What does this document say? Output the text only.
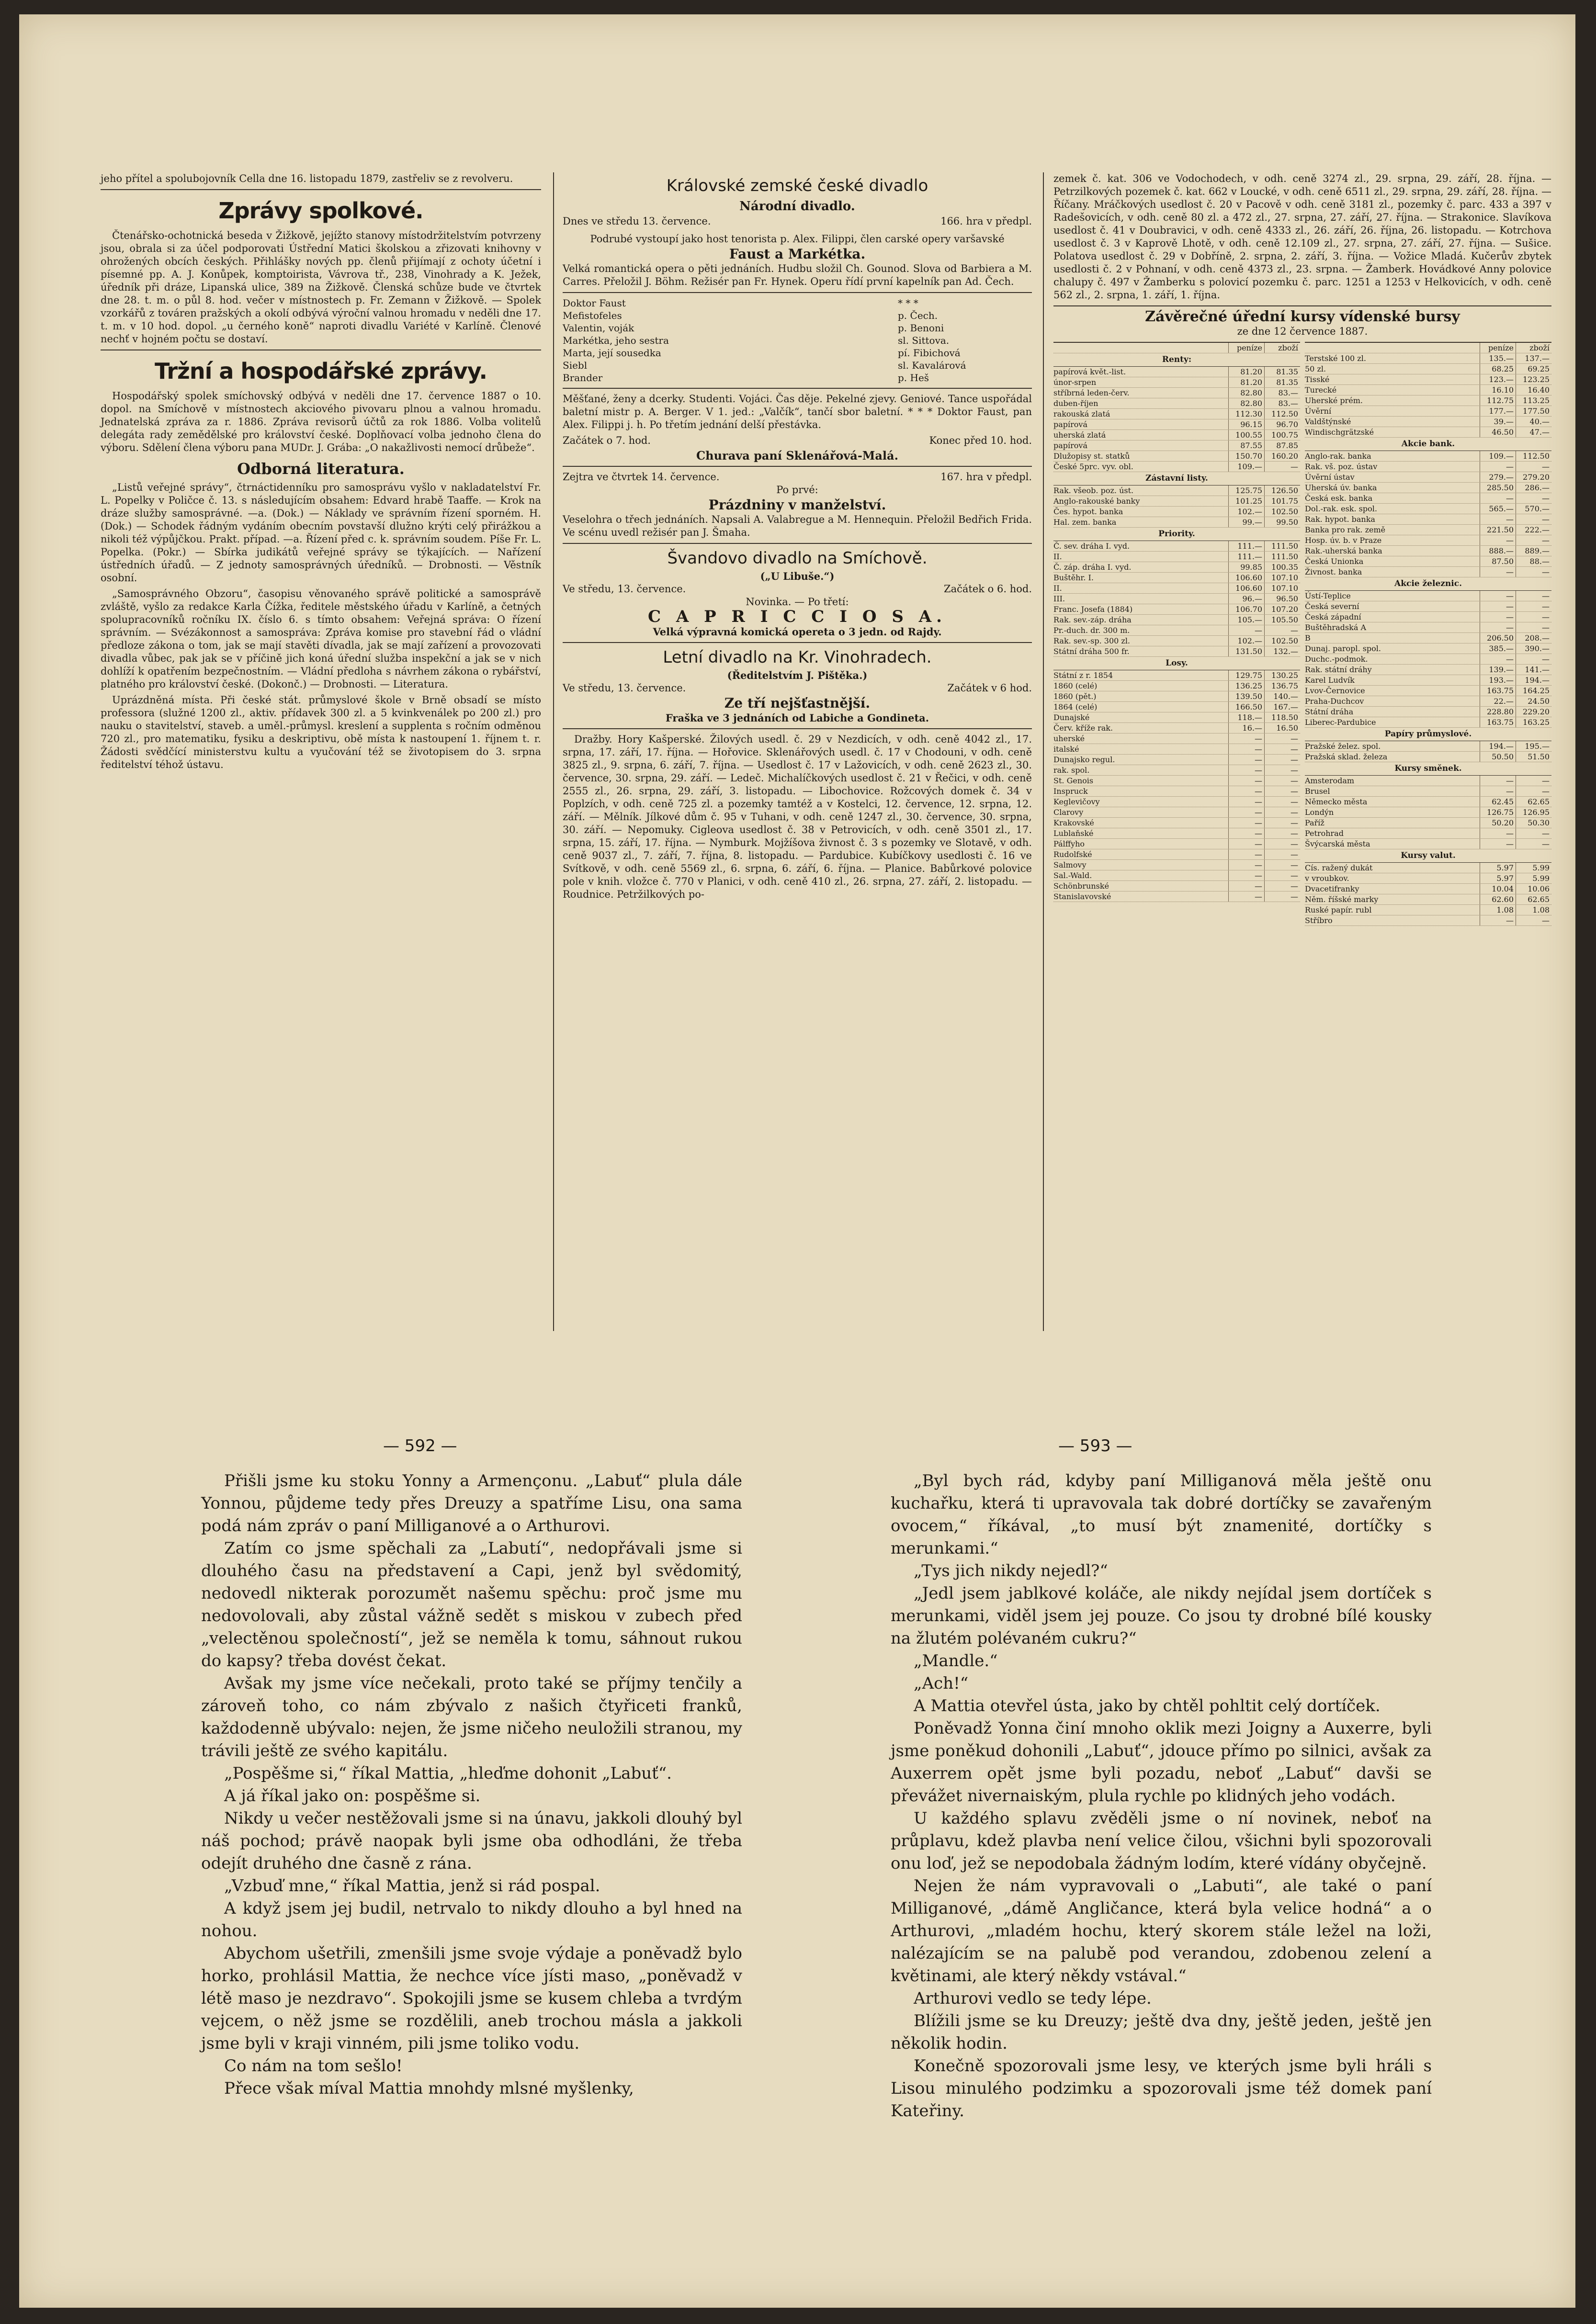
jeho přítel a spolubojovník Cella dne 16. listopadu 1879, zastřeliv se z revolveru.

Zprávy spolkové.

Čtenářsko-ochotnická beseda v Žižkově, jejížto stanovy místodržitelstvím potvrzeny jsou, obrala si za účel podporovati Ústřední Matici školskou a zřizovati knihovny v ohrožených obcích českých. Přihlášky nových pp. členů přijímají z ochoty účetní i písemné pp. A. J. Konůpek, komptoirista, Vávrova tř., 238, Vinohrady a K. Ježek, úředník při dráze, Lipanská ulice, 389 na Žižkově. Členská schůze bude ve čtvrtek dne 28. t. m. o půl 8. hod. večer v místnostech p. Fr. Zemann v Žižkově. — Spolek vzorkářů z továren pražských a okolí odbývá výroční valnou hromadu v neděli dne 17. t. m. v 10 hod. dopol. „u černého koně“ naproti divadlu Variété v Karlíně. Členové nechť v hojném počtu se dostaví.

Tržní a hospodářské zprávy.

Hospodářský spolek smíchovský odbývá v neděli dne 17. července 1887 o 10. dopol. na Smíchově v místnostech akciového pivovaru plnou a valnou hromadu. Jednatelská zpráva za r. 1886. Zpráva revisorů účtů za rok 1886. Volba volitelů delegáta rady zemědělské pro království české. Doplňovací volba jednoho člena do výboru. Sdělení člena výboru pana MUDr. J. Grába: „O nakažlivosti nemocí drůbeže“.

Odborná literatura.

„Listů veřejné správy“, čtrnáctidenníku pro samosprávu vyšlo v nakladatelství Fr. L. Popelky v Poličce č. 13. s následujícím obsahem: Edvard hrabě Taaffe. — Krok na dráze služby samosprávné. —a. (Dok.) — Náklady ve správním řízení sporném. H. (Dok.) — Schodek řádným vydáním obecním povstavší dlužno krýti celý přirážkou a nikoli též výpůjčkou. Prakt. případ. —a. Řízení před c. k. správním soudem. Píše Fr. L. Popelka. (Pokr.) — Sbírka judikátů veřejné správy se týkajících. — Nařízení ústředních úřadů. — Z jednoty samosprávných úředníků. — Drobnosti. — Věstník osobní.

„Samosprávného Obzoru“, časopisu věnovaného správě politické a samosprávě zvláště, vyšlo za redakce Karla Čížka, ředitele městského úřadu v Karlíně, a četných spolupracovníků ročníku IX. číslo 6. s tímto obsahem: Veřejná správa: O řízení správním. — Svézákonnost a samospráva: Zpráva komise pro stavební řád o vládní předloze zákona o tom, jak se mají stavěti dívadla, jak se mají zařízení a provozovati divadla vůbec, pak jak se v příčině jich koná úřední služba inspekční a jak se v nich dohlíží k opatřením bezpečnostním. — Vládní předloha s návrhem zákona o rybářství, platného pro království české. (Dokonč.) — Drobnosti. — Literatura.

Uprázdněná místa. Při české stát. průmyslové škole v Brně obsadí se místo professora (služné 1200 zl., aktiv. přídavek 300 zl. a 5 kvinkvenálek po 200 zl.) pro nauku o stavitelství, staveb. a uměl.-průmysl. kreslení a supplenta s ročním odměnou 720 zl., pro matematiku, fysiku a deskriptivu, obě místa k nastoupení 1. říjnem t. r. Žádosti svědčící ministerstvu kultu a vyučování též se životopisem do 3. srpna ředitelství téhož ústavu.

Královské zemské české divadlo
Národní divadlo.
Dnes ve středu 13. července.	166. hra v předpl.
Podrubé vystoupí jako host tenorista p. Alex. Filippi, člen carské opery varšavské
Faust a Markétka.

Velká romantická opera o pěti jednáních. Hudbu složil Ch. Gounod. Slova od Barbiera a M. Carres. Přeložil J. Böhm. Režisér pan Fr. Hynek. Operu řídí první kapelník pan Ad. Čech.

Doktor Faust	* * *
Mefistofeles	p. Čech.
Valentin, voják	p. Benoni
Markétka, jeho sestra	sl. Sittova.
Marta, její sousedka	pí. Fibichová
Siebl	sl. Kavalárová
Brander	p. Heš

Měšťané, ženy a dcerky. Studenti. Vojáci. Čas děje. Pekelné zjevy. Geniové. Tance uspořádal baletní mistr p. A. Berger. V 1. jed.: „Valčík“, tančí sbor baletní. * * * Doktor Faust, pan Alex. Filippi j. h. Po třetím jednání delší přestávka.

Začátek o 7. hod.	Konec před 10. hod.
Churava paní Sklenářová-Malá.
Zejtra ve čtvrtek 14. července.	167. hra v předpl.
Po prvé:
Prázdniny v manželství.

Veselohra o třech jednáních. Napsali A. Valabregue a M. Hennequin. Přeložil Bedřich Frida. Ve scénu uvedl režisér pan J. Šmaha.

Švandovo divadlo na Smíchově.
(„U Libuše.“)
Ve středu, 13. července.	Začátek o 6. hod.
Novinka. — Po třetí:
C A P R I C C I O S A.
Velká výpravná komická opereta o 3 jedn. od Rajdy.
Letní divadlo na Kr. Vinohradech.
(Ředitelstvím J. Pištěka.)
Ve středu, 13. července.	Začátek v 6 hod.
Ze tří nejšťastnější.
Fraška ve 3 jednáních od Labiche a Gondineta.

Dražby. Hory Kašperské. Žilových usedl. č. 29 v Nezdicích, v odh. ceně 4042 zl., 17. srpna, 17. září, 17. října. — Hořovice. Sklenářových usedl. č. 17 v Chodouni, v odh. ceně 3825 zl., 9. srpna, 6. září, 7. října. — Usedlost č. 17 v Lažovicích, v odh. ceně 2623 zl., 30. července, 30. srpna, 29. září. — Ledeč. Michalíčkových usedlost č. 21 v Řečici, v odh. ceně 2555 zl., 26. srpna, 29. září, 3. listopadu. — Libochovice. Rožcových domek č. 34 v Poplzích, v odh. ceně 725 zl. a pozemky tamtéž a v Kostelci, 12. července, 12. srpna, 12. září. — Mělník. Jílkové dům č. 95 v Tuhani, v odh. ceně 1247 zl., 30. července, 30. srpna, 30. září. — Nepomuky. Cigleova usedlost č. 38 v Petrovicích, v odh. ceně 3501 zl., 17. srpna, 15. září, 17. října. — Nymburk. Mojžíšova živnost č. 3 s pozemky ve Slotavě, v odh. ceně 9037 zl., 7. září, 7. října, 8. listopadu. — Pardubice. Kubíčkovy usedlosti č. 16 ve Svítkově, v odh. ceně 5569 zl., 6. srpna, 6. září, 6. října. — Planice. Babůrkové polovice pole v knih. vložce č. 770 v Planici, v odh. ceně 410 zl., 26. srpna, 27. září, 2. listopadu. — Roudnice. Petržilkových po-

zemek č. kat. 306 ve Vodochodech, v odh. ceně 3274 zl., 29. srpna, 29. září, 28. října. — Petrzilkových pozemek č. kat. 662 v Loucké, v odh. ceně 6511 zl., 29. srpna, 29. září, 28. října. — Říčany. Mráčkových usedlost č. 20 v Pacově v odh. ceně 3181 zl., pozemky č. parc. 433 a 397 v Radešovicích, v odh. ceně 80 zl. a 472 zl., 27. srpna, 27. září, 27. října. — Strakonice. Slavíkova usedlost č. 41 v Doubravici, v odh. ceně 4333 zl., 26. září, 26. října, 26. listopadu. — Kotrchova usedlost č. 3 v Kaprově Lhotě, v odh. ceně 12.109 zl., 27. srpna, 27. září, 27. října. — Sušice. Polatova usedlost č. 29 v Dobříně, 2. srpna, 2. září, 3. října. — Vožice Mladá. Kučerův zbytek usedlosti č. 2 v Pohnaní, v odh. ceně 4373 zl., 23. srpna. — Žamberk. Hovádkové Anny polovice chalupy č. 497 v Žamberku s polovicí pozemku č. parc. 1251 a 1253 v Helkovicích, v odh. ceně 562 zl., 2. srpna, 1. září, 1. října.

Závěrečné úřední kursy vídenské bursy
ze dne 12 července 1887.
peníze	zboží
Renty:
papírová květ.-list.	81.20	81.35
únor-srpen	81.20	81.35
stříbrná leden-červ.	82.80	83.—
duben-říjen	82.80	83.—
rakouská zlatá	112.30	112.50
papírová	96.15	96.70
uherská zlatá	100.55	100.75
papírová	87.55	87.85
Dlužopisy st. statků	150.70	160.20
České 5prc. vyv. obl.	109.—	—
Zástavní listy.
Rak. všeob. poz. úst.	125.75	126.50
Anglo-rakouské banky	101.25	101.75
Čes. hypot. banka	102.—	102.50
Hal. zem. banka	99.—	99.50
Priority.
Č. sev. dráha I. vyd.	111.—	111.50
II.	111.—	111.50
Č. záp. dráha I. vyd.	99.85	100.35
Buštěhr. I.	106.60	107.10
II.	106.60	107.10
III.	96.—	96.50
Franc. Josefa (1884)	106.70	107.20
Rak. sev.-záp. dráha	105.—	105.50
Pr.-duch. dr. 300 m.	—	—
Rak. sev.-sp. 300 zl.	102.—	102.50
Státní dráha 500 fr.	131.50	132.—
Losy.
Státní z r. 1854	129.75	130.25
1860 (celé)	136.25	136.75
1860 (pět.)	139.50	140.—
1864 (celé)	166.50	167.—
Dunajské	118.—	118.50
Červ. kříže rak.	16.—	16.50
uherské	—	—
italské	—	—
Dunajsko regul.	—	—
rak. spol.	—	—
St. Genois	—	—
Inspruck	—	—
Keglevičovy	—	—
Clarovy	—	—
Krakovské	—	—
Lublaňské	—	—
Pálffyho	—	—
Rudolfské	—	—
Salmovy	—	—
Sal.-Wald.	—	—
Schönbrunské	—	—
Stanislavovské	—	—
peníze	zboží
Terstské 100 zl.	135.—	137.—
50 zl.	68.25	69.25
Tisské	123.—	123.25
Turecké	16.10	16.40
Uherské prém.	112.75	113.25
Úvěrní	177.—	177.50
Valdštýnské	39.—	40.—
Windischgrätzské	46.50	47.—
Akcie bank.
Anglo-rak. banka	109.—	112.50
Rak. vš. poz. ústav	—	—
Úvěrní ústav	279.—	279.20
Uherská úv. banka	285.50	286.—
Česká esk. banka	—	—
Dol.-rak. esk. spol.	565.—	570.—
Rak. hypot. banka	—	—
Banka pro rak. země	221.50	222.—
Hosp. úv. b. v Praze	—	—
Rak.-uherská banka	888.—	889.—
Česká Unionka	87.50	88.—
Živnost. banka	—	—
Akcie železnic.
Ústí-Teplice	—	—
Česká severní	—	—
Česká západní	—	—
Buštěhradská A	—	—
B	206.50	208.—
Dunaj. paropl. spol.	385.—	390.—
Duchc.-podmok.	—	—
Rak. státní dráhy	139.—	141.—
Karel Ludvík	193.—	194.—
Lvov-Černovice	163.75	164.25
Praha-Duchcov	22.—	24.50
Státní dráha	228.80	229.20
Liberec-Pardubice	163.75	163.25
Papíry průmyslové.
Pražské želez. spol.	194.—	195.—
Pražská sklad. železa	50.50	51.50
Kursy směnek.
Amsterodam	—	—
Brusel	—	—
Německo města	62.45	62.65
Londýn	126.75	126.95
Paříž	50.20	50.30
Petrohrad	—	—
Švýcarská města	—	—
Kursy valut.
Cís. ražený dukát	5.97	5.99
v vroubkov.	5.97	5.99
Dvacetifranky	10.04	10.06
Něm. říšské marky	62.60	62.65
Ruské papír. rubl	1.08	1.08
Stříbro	—	—
— 592 —	— 593 —

Přišli jsme ku stoku Yonny a Armençonu. „Labuť“ plula dále Yonnou, půjdeme tedy přes Dreuzy a spatříme Lisu, ona sama podá nám zpráv o paní Milliganové a o Arthurovi.

Zatím co jsme spěchali za „Labutí“, nedopřávali jsme si dlouhého času na představení a Capi, jenž byl svědomitý, nedovedl nikterak porozumět našemu spěchu: proč jsme mu nedovolovali, aby zůstal vážně sedět s miskou v zubech před „velectěnou společností“, jež se neměla k tomu, sáhnout rukou do kapsy? třeba dovést čekat.

Avšak my jsme více nečekali, proto také se příjmy tenčily a zároveň toho, co nám zbývalo z našich čtyřiceti franků, každodenně ubývalo: nejen, že jsme ničeho neuložili stranou, my trávili ještě ze svého kapitálu.

„Pospěšme si,“ říkal Mattia, „hleďme dohonit „Labuť“.

A já říkal jako on: pospěšme si.

Nikdy u večer nestěžovali jsme si na únavu, jakkoli dlouhý byl náš pochod; právě naopak byli jsme oba odhodláni, že třeba odejít druhého dne časně z rána.

„Vzbuď mne,“ říkal Mattia, jenž si rád pospal.

A když jsem jej budil, netrvalo to nikdy dlouho a byl hned na nohou.

Abychom ušetřili, zmenšili jsme svoje výdaje a poněvadž bylo horko, prohlásil Mattia, že nechce více jísti maso, „poněvadž v létě maso je nezdravo“. Spokojili jsme se kusem chleba a tvrdým vejcem, o něž jsme se rozdělili, aneb trochou másla a jakkoli jsme byli v kraji vinném, pili jsme toliko vodu.

Co nám na tom sešlo!

Přece však míval Mattia mnohdy mlsné myšlenky,

„Byl bych rád, kdyby paní Milliganová měla ještě onu kuchařku, která ti upravovala tak dobré dortíčky se zavařeným ovocem,“ říkával, „to musí být znamenité, dortíčky s merunkami.“

„Tys jich nikdy nejedl?“

„Jedl jsem jablkové koláče, ale nikdy nejídal jsem dortíček s merunkami, viděl jsem jej pouze. Co jsou ty drobné bílé kousky na žlutém polévaném cukru?“

„Mandle.“

„Ach!“

A Mattia otevřel ústa, jako by chtěl pohltit celý dortíček.

Poněvadž Yonna činí mnoho oklik mezi Joigny a Auxerre, byli jsme poněkud dohonili „Labuť“, jdouce přímo po silnici, avšak za Auxerrem opět jsme byli pozadu, neboť „Labuť“ davši se převážet nivernaiským, plula rychle po klidných jeho vodách.

U každého splavu zvěděli jsme o ní novinek, neboť na průplavu, kdež plavba není velice čilou, všichni byli spozorovali onu loď, jež se nepodobala žádným lodím, které vídány obyčejně.

Nejen že nám vypravovali o „Labuti“, ale také o paní Milliganové, „dámě Angličance, která byla velice hodná“ a o Arthurovi, „mladém hochu, který skorem stále ležel na loži, nalézajícím se na palubě pod verandou, zdobenou zelení a květinami, ale který někdy vstával.“

Arthurovi vedlo se tedy lépe.

Blížili jsme se ku Dreuzy; ještě dva dny, ještě jeden, ještě jen několik hodin.

Konečně spozorovali jsme lesy, ve kterých jsme byli hráli s Lisou minulého podzimku a spozorovali jsme též domek paní Kateřiny.
